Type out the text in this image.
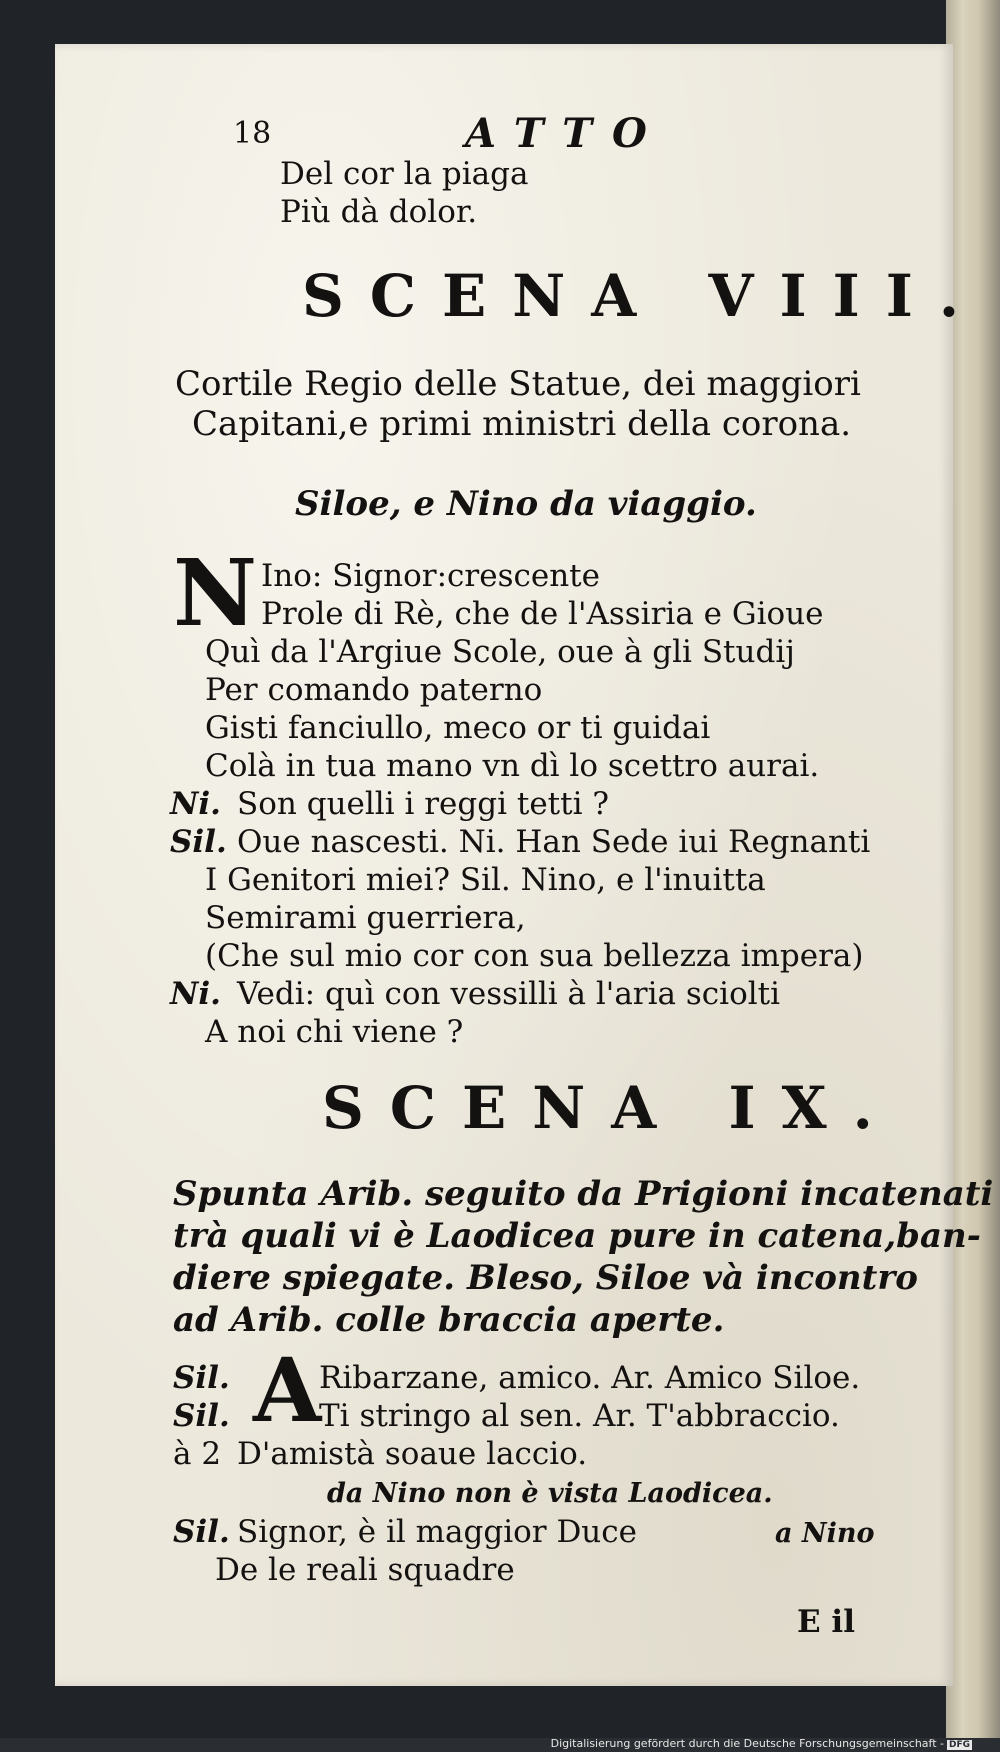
18	ATTO
Del cor la piaga
Più dà dolor.
SCENA VIII.
Cortile Regio delle Statue, dei maggiori
Capitani,e primi ministri della corona.
Siloe, e Nino da viaggio.
N Ino: Signor:crescente
Prole di Rè, che de l'Assiria e Gioue
Quì da l'Argiue Scole, oue à gli Studij
Per comando paterno
Gisti fanciullo, meco or ti guidai
Colà in tua mano vn dì lo scettro aurai.
Ni. Son quelli i reggi tetti ?
Sil. Oue nascesti. Ni. Han Sede iui Regnanti
I Genitori miei? Sil. Nino, e l'inuitta
Semirami guerriera,
(Che sul mio cor con sua bellezza impera)
Ni. Vedi: quì con vessilli à l'aria sciolti
A noi chi viene ?
SCENA IX.
Spunta Arib. seguito da Prigioni incatenati
trà quali vi è Laodicea pure in catena,ban-
diere spiegate. Bleso, Siloe và incontro
ad Arib. colle braccia aperte.
Sil. A
Ribarzane, amico. Ar. Amico Siloe.
Sil.	Ti stringo al sen. Ar. T'abbraccio.
à 2 D'amistà soaue laccio.
da Nino non è vista Laodicea.
Sil. Signor, è il maggior Duce	a Nino
De le reali squadre
E il
Digitalisierung gefördert durch die Deutsche Forschungsgemeinschaft - DFG
